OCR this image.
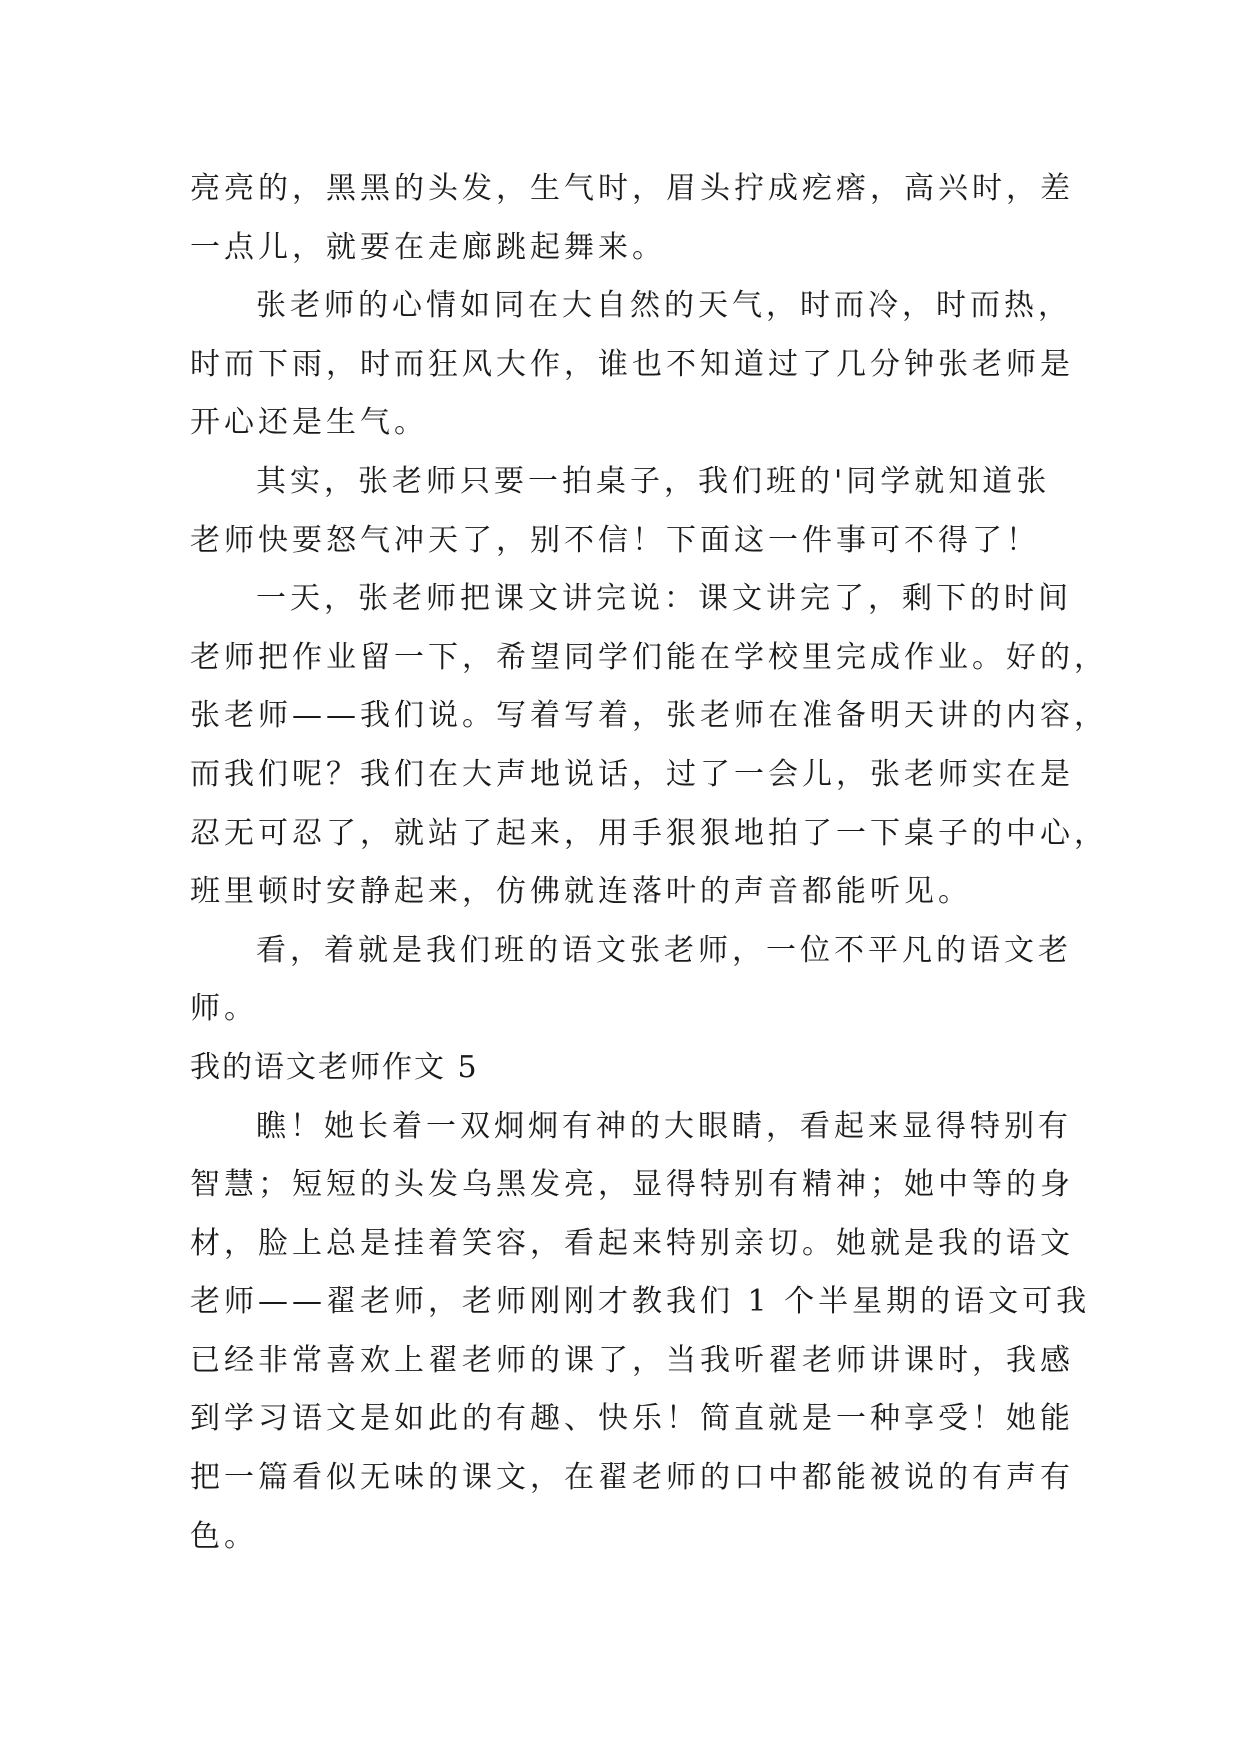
亮亮的，黑黑的头发，生气时，眉头拧成疙瘩，高兴时，差
一点儿，就要在走廊跳起舞来。
张老师的心情如同在大自然的天气，时而冷，时而热，
时而下雨，时而狂风大作，谁也不知道过了几分钟张老师是
开心还是生气。
其实，张老师只要一拍桌子，我们班的'同学就知道张
老师快要怒气冲天了，别不信！下面这一件事可不得了！
一天，张老师把课文讲完说：课文讲完了，剩下的时间
老师把作业留一下，希望同学们能在学校里完成作业。好的，
张老师——我们说。写着写着，张老师在准备明天讲的内容，
而我们呢？我们在大声地说话，过了一会儿，张老师实在是
忍无可忍了，就站了起来，用手狠狠地拍了一下桌子的中心，
班里顿时安静起来，仿佛就连落叶的声音都能听见。
看，着就是我们班的语文张老师，一位不平凡的语文老
师。
我的语文老师作文 5
瞧！她长着一双炯炯有神的大眼睛，看起来显得特别有
智慧；短短的头发乌黑发亮，显得特别有精神；她中等的身
材，脸上总是挂着笑容，看起来特别亲切。她就是我的语文
老师——翟老师，老师刚刚才教我们 1 个半星期的语文可我
已经非常喜欢上翟老师的课了，当我听翟老师讲课时，我感
到学习语文是如此的有趣、快乐！简直就是一种享受！她能
把一篇看似无味的课文，在翟老师的口中都能被说的有声有
色。
